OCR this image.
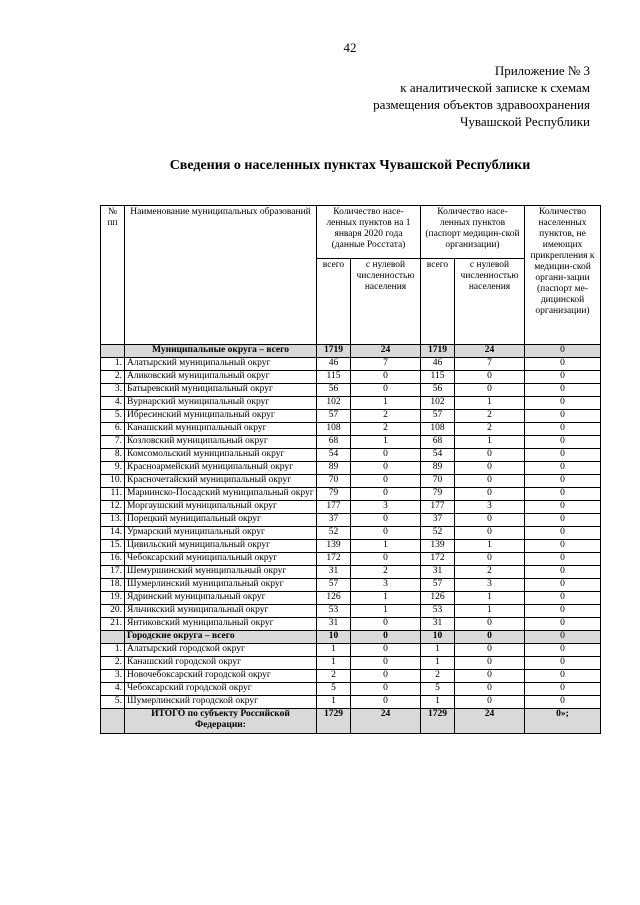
42
Приложение № 3
к аналитической записке к схемам
размещения объектов здравоохранения
Чувашской Республики
Сведения о населенных пунктах Чувашской Республики
№ пп	Наименование муниципальных образований	Количество насе-ленных пунктов на 1 января 2020 года (данные Росстата)		Количество насе-ленных пунктов (паспорт медицин-ской организации)		Количество населенных пунктов, не имеющих прикрепления к медицин-ской органи-зации (паспорт ме-дицинской организации)
		всего	с нулевой численностью населения	всего	с нулевой численностью населения	
	Муниципальные округа – всего	1719	24	1719	24	0
1.	Алатырский муниципальный округ	46	7	46	7	0
2.	Аликовский муниципальный округ	115	0	115	0	0
3.	Батыревский муниципальный округ	56	0	56	0	0
4.	Вурнарский муниципальный округ	102	1	102	1	0
5.	Ибресинский муниципальный округ	57	2	57	2	0
6.	Канашский муниципальный округ	108	2	108	2	0
7.	Козловский муниципальный округ	68	1	68	1	0
8.	Комсомольский муниципальный округ	54	0	54	0	0
9.	Красноармейский муниципальный округ	89	0	89	0	0
10.	Красночетайский муниципальный округ	70	0	70	0	0
11.	Мариинско-Посадский муниципальный округ	79	0	79	0	0
12.	Моргаушский муниципальный округ	177	3	177	3	0
13.	Порецкий муниципальный округ	37	0	37	0	0
14.	Урмарский муниципальный округ	52	0	52	0	0
15.	Цивильский муниципальный округ	139	1	139	1	0
16.	Чебоксарский муниципальный округ	172	0	172	0	0
17.	Шемуршинский муниципальный округ	31	2	31	2	0
18.	Шумерлинский муниципальный округ	57	3	57	3	0
19.	Ядринский муниципальный округ	126	1	126	1	0
20.	Яльчикский муниципальный округ	53	1	53	1	0
21.	Янтиковский муниципальный округ	31	0	31	0	0
	Городские округа – всего	10	0	10	0	0
1.	Алатырский городской округ	1	0	1	0	0
2.	Канашский городской округ	1	0	1	0	0
3.	Новочебоксарский городской округ	2	0	2	0	0
4.	Чебоксарский городской округ	5	0	5	0	0
5.	Шумерлинский городской округ	1	0	1	0	0
	ИТОГО по субъекту Российской Федерации:	1729	24	1729	24	0»;
